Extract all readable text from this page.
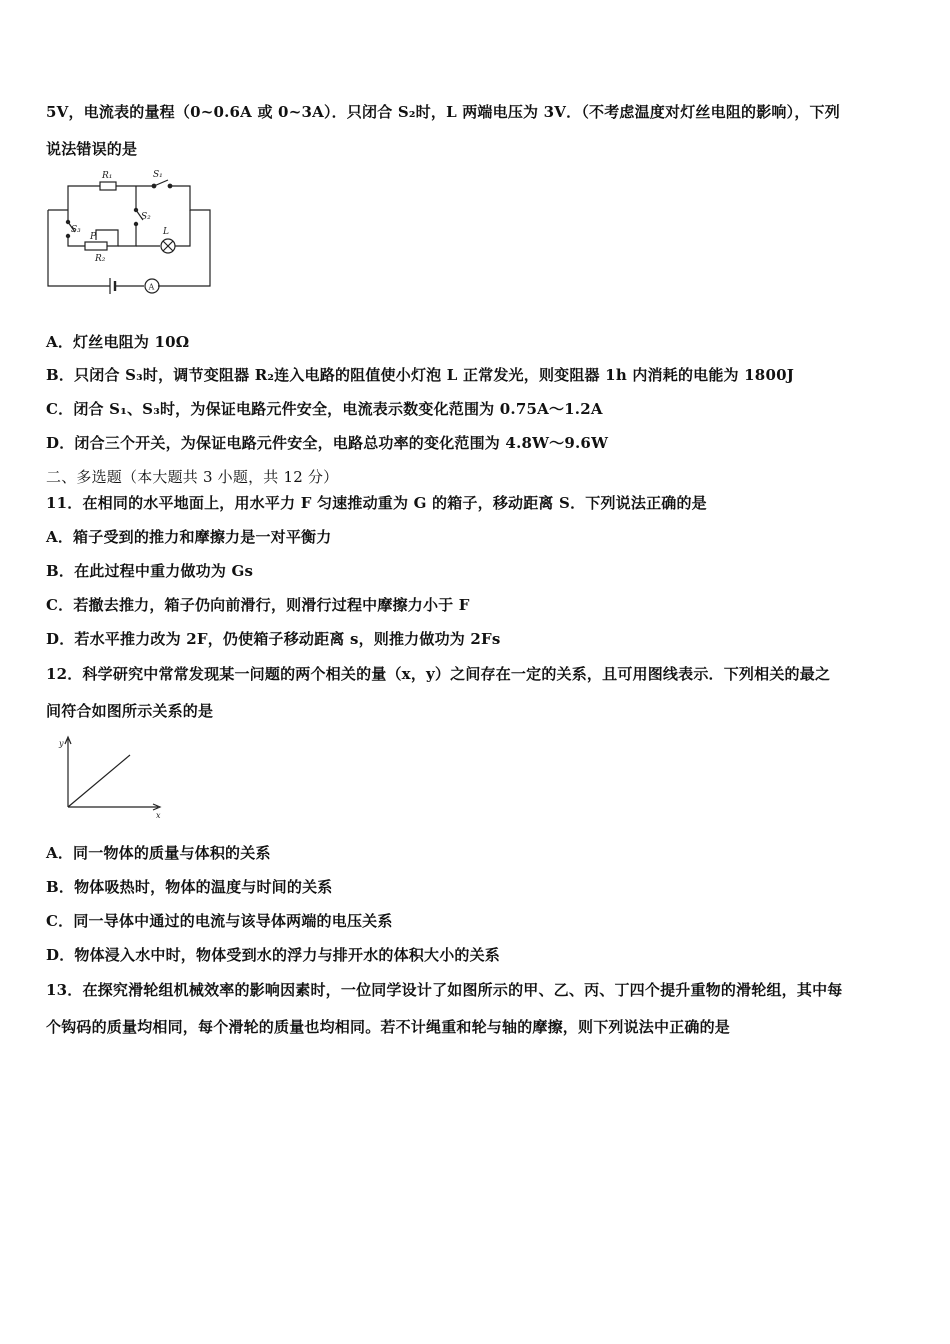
5V，电流表的量程（0~0.6A 或 0~3A）．只闭合 S₂时，L 两端电压为 3V．（不考虑温度对灯丝电阻的影响），下列
说法错误的是
R₁	S₁
S₂
S₃
P
R₂
L
A
A．灯丝电阻为 10Ω
B．只闭合 S₃时，调节变阻器 R₂连入电路的阻值使小灯泡 L 正常发光，则变阻器 1h 内消耗的电能为 1800J
C．闭合 S₁、S₃时，为保证电路元件安全，电流表示数变化范围为 0.75A～1.2A
D．闭合三个开关，为保证电路元件安全，电路总功率的变化范围为 4.8W～9.6W
二、多选题（本大题共 3 小题，共 12 分）
11．在相同的水平地面上，用水平力 F 匀速推动重为 G 的箱子，移动距离 S．下列说法正确的是
A．箱子受到的推力和摩擦力是一对平衡力
B．在此过程中重力做功为 Gs
C．若撤去推力，箱子仍向前滑行，则滑行过程中摩擦力小于 F
D．若水平推力改为 2F，仍使箱子移动距离 s，则推力做功为 2Fs
12．科学研究中常常发现某一问题的两个相关的量（x，y）之间存在一定的关系，且可用图线表示．下列相关的最之
间符合如图所示关系的是
y
x
A．同一物体的质量与体积的关系
B．物体吸热时，物体的温度与时间的关系
C．同一导体中通过的电流与该导体两端的电压关系
D．物体浸入水中时，物体受到水的浮力与排开水的体积大小的关系
13．在探究滑轮组机械效率的影响因素时，一位同学设计了如图所示的甲、乙、丙、丁四个提升重物的滑轮组，其中每
个钩码的质量均相同，每个滑轮的质量也均相同。若不计绳重和轮与轴的摩擦，则下列说法中正确的是
